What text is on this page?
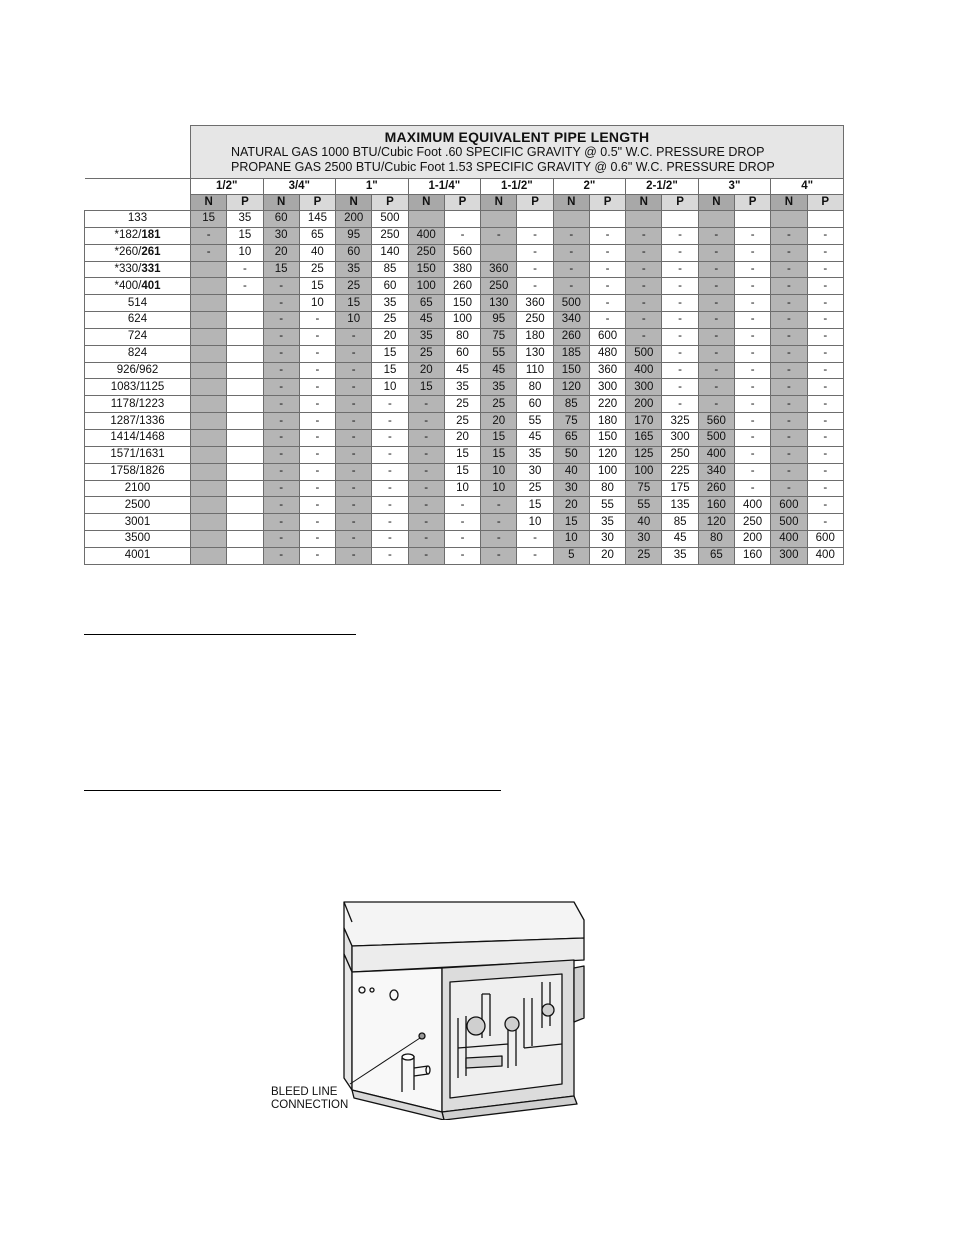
	MAXIMUM EQUIVALENT PIPE LENGTH
NATURAL GAS 1000 BTU/Cubic Foot .60 SPECIFIC GRAVITY @ 0.5" W.C. PRESSURE DROP
PROPANE GAS 2500 BTU/Cubic Foot 1.53 SPECIFIC GRAVITY @ 0.6" W.C. PRESSURE DROP																	

	1/2"		3/4"		1"		1-1/4"		1-1/2"		2"		2-1/2"		3"		4"	
	N	P	N	P	N	P	N	P	N	P	N	P	N	P	N	P	N	P
133	15	35	60	145	200	500												
*182/181	-	15	30	65	95	250	400	-	-	-	-	-	-	-	-	-	-	-
*260/261	-	10	20	40	60	140	250	560		-	-	-	-	-	-	-	-	-
*330/331		-	15	25	35	85	150	380	360	-	-	-	-	-	-	-	-	-
*400/401		-	-	15	25	60	100	260	250	-	-	-	-	-	-	-	-	-
514			-	10	15	35	65	150	130	360	500	-	-	-	-	-	-	-
624			-	-	10	25	45	100	95	250	340	-	-	-	-	-	-	-
724			-	-	-	20	35	80	75	180	260	600	-	-	-	-	-	-
824			-	-	-	15	25	60	55	130	185	480	500	-	-	-	-	-
926/962			-	-	-	15	20	45	45	110	150	360	400	-	-	-	-	-
1083/1125			-	-	-	10	15	35	35	80	120	300	300	-	-	-	-	-
1178/1223			-	-	-	-	-	25	25	60	85	220	200	-	-	-	-	-
1287/1336			-	-	-	-	-	25	20	55	75	180	170	325	560	-	-	-
1414/1468			-	-	-	-	-	20	15	45	65	150	165	300	500	-	-	-
1571/1631			-	-	-	-	-	15	15	35	50	120	125	250	400	-	-	-
1758/1826			-	-	-	-	-	15	10	30	40	100	100	225	340	-	-	-
2100			-	-	-	-	-	10	10	25	30	80	75	175	260	-	-	-
2500			-	-	-	-	-	-	-	15	20	55	55	135	160	400	600	-
3001			-	-	-	-	-	-	-	10	15	35	40	85	120	250	500	-
3500			-	-	-	-	-	-	-	-	10	30	30	45	80	200	400	600
4001			-	-	-	-	-	-	-	-	5	20	25	35	65	160	300	400
BLEED LINE
CONNECTION
